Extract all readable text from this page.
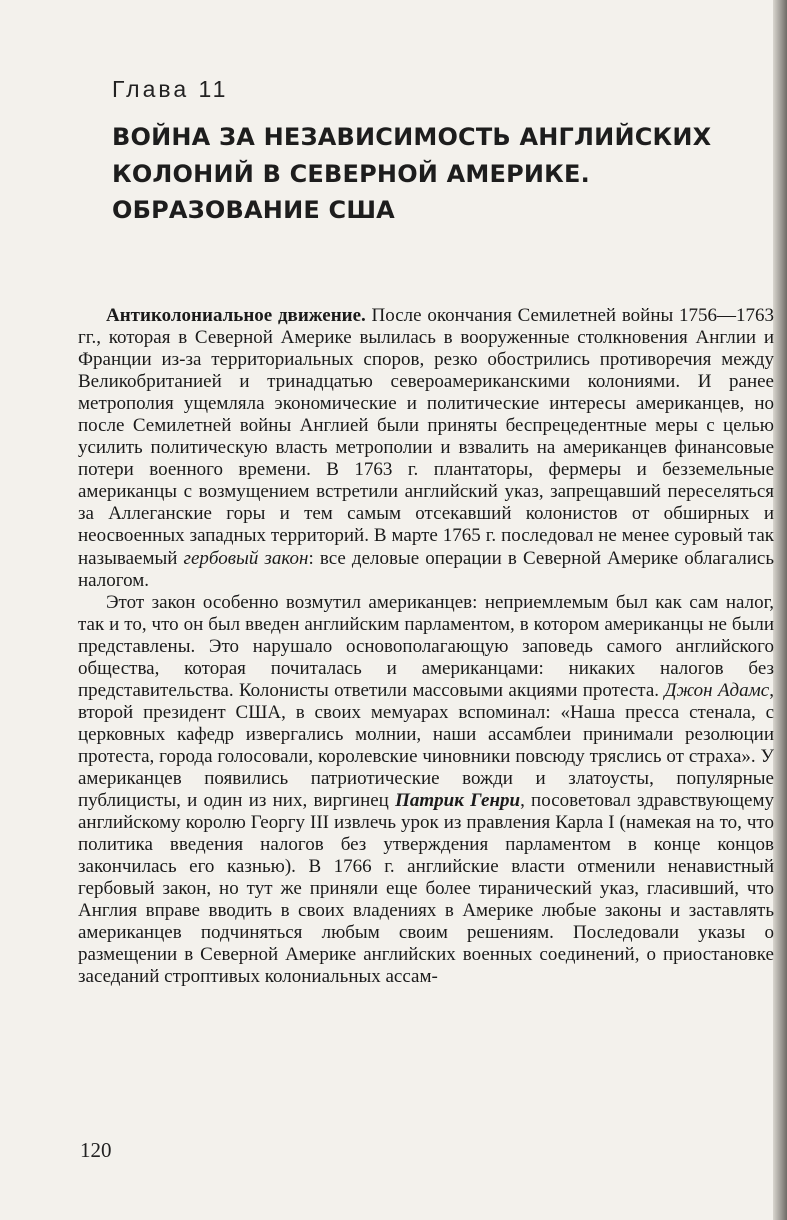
Глава 11
ВОЙНА ЗА НЕЗАВИСИМОСТЬ АНГЛИЙСКИХ
КОЛОНИЙ В СЕВЕРНОЙ АМЕРИКЕ.
ОБРАЗОВАНИЕ США

Антиколониальное движение. После окончания Семилетней войны 1756—1763 гг., которая в Северной Америке вылилась в вооруженные столкновения Англии и Франции из-за территориальных споров, резко обострились противоречия между Великобританией и тринадцатью североамериканскими колониями. И ранее метрополия ущемляла экономические и политические интересы американцев, но после Семилетней войны Англией были приняты беспрецедентные меры с целью усилить политическую власть метрополии и взвалить на американцев финансовые потери военного времени. В 1763 г. плантаторы, фермеры и безземельные американцы с возмущением встретили английский указ, запрещавший переселяться за Аллеганские горы и тем самым отсекавший колонистов от обширных и неосвоенных западных территорий. В марте 1765 г. последовал не менее суровый так называемый гербовый закон: все деловые операции в Северной Америке облагались налогом.

Этот закон особенно возмутил американцев: неприемлемым был как сам налог, так и то, что он был введен английским парламентом, в котором американцы не были представлены. Это нарушало основополагающую заповедь самого английского общества, которая почиталась и американцами: никаких налогов без представительства. Колонисты ответили массовыми акциями протеста. Джон Адамс, второй президент США, в своих мемуарах вспоминал: «Наша пресса стенала, с церковных кафедр извергались молнии, наши ассамблеи принимали резолюции протеста, города голосовали, королевские чиновники повсюду тряслись от страха». У американцев появились патриотические вожди и златоусты, популярные публицисты, и один из них, виргинец Патрик Генри, посоветовал здравствующему английскому королю Георгу III извлечь урок из правления Карла I (намекая на то, что политика введения налогов без утверждения парламентом в конце концов закончилась его казнью). В 1766 г. английские власти отменили ненавистный гербовый закон, но тут же приняли еще более тиранический указ, гласивший, что Англия вправе вводить в своих владениях в Америке любые законы и заставлять американцев подчиняться любым своим решениям. Последовали указы о размещении в Северной Америке английских военных соединений, о приостановке заседаний строптивых колониальных ассам-

120
